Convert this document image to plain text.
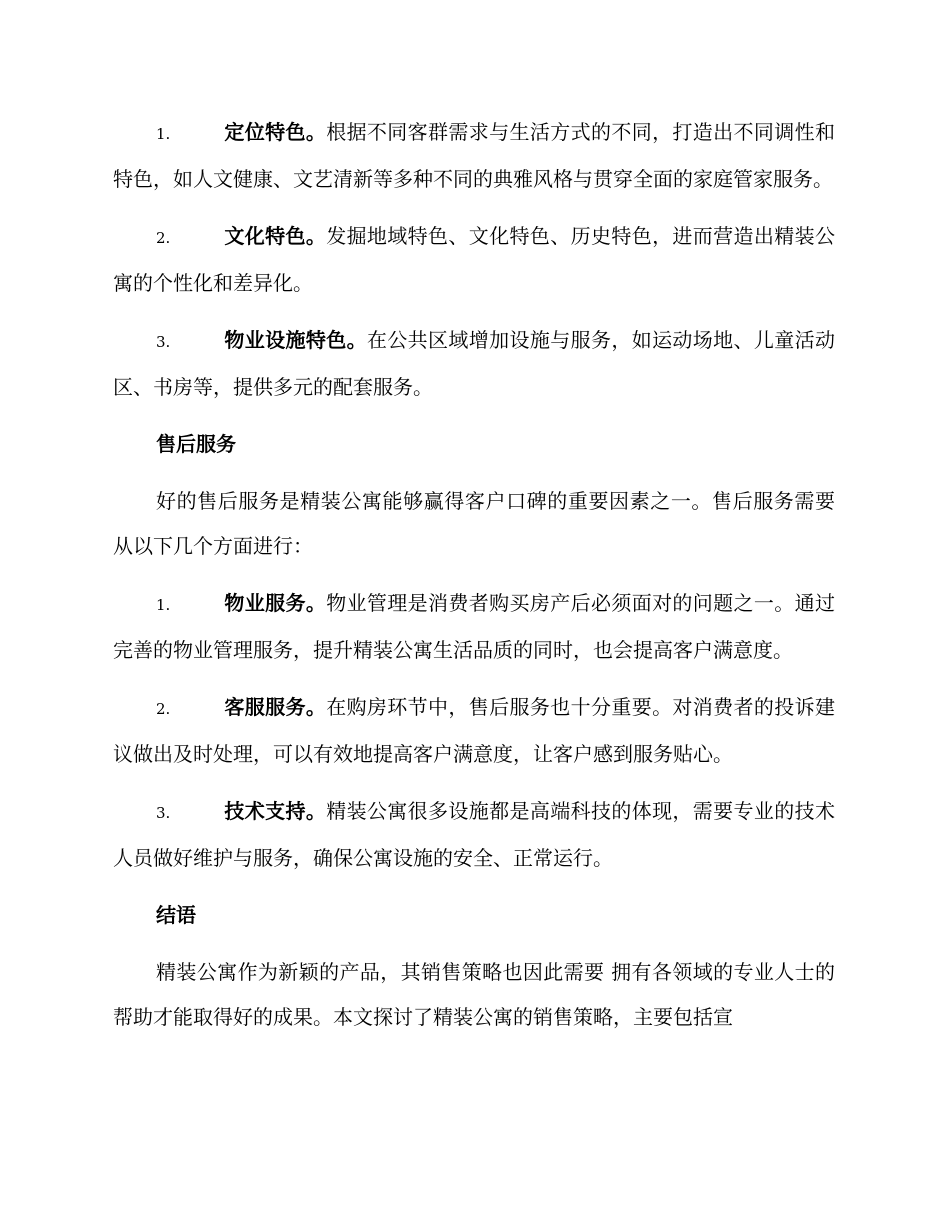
1.	定位特色。根据不同客群需求与生活方式的不同，打造出不同调性和特色，如人文健康、文艺清新等多种不同的典雅风格与贯穿全面的家庭管家服务。

2.	文化特色。发掘地域特色、文化特色、历史特色，进而营造出精装公寓的个性化和差异化。

3.	物业设施特色。在公共区域增加设施与服务，如运动场地、儿童活动区、书房等，提供多元的配套服务。

售后服务

好的售后服务是精装公寓能够赢得客户口碑的重要因素之一。售后服务需要从以下几个方面进行：

1.	物业服务。物业管理是消费者购买房产后必须面对的问题之一。通过完善的物业管理服务，提升精装公寓生活品质的同时，也会提高客户满意度。

2.	客服服务。在购房环节中，售后服务也十分重要。对消费者的投诉建议做出及时处理，可以有效地提高客户满意度，让客户感到服务贴心。

3.	技术支持。精装公寓很多设施都是高端科技的体现，需要专业的技术人员做好维护与服务，确保公寓设施的安全、正常运行。

结语

精装公寓作为新颖的产品，其销售策略也因此需要 拥有各领域的专业人士的帮助才能取得好的成果。本文探讨了精装公寓的销售策略，主要包括宣
